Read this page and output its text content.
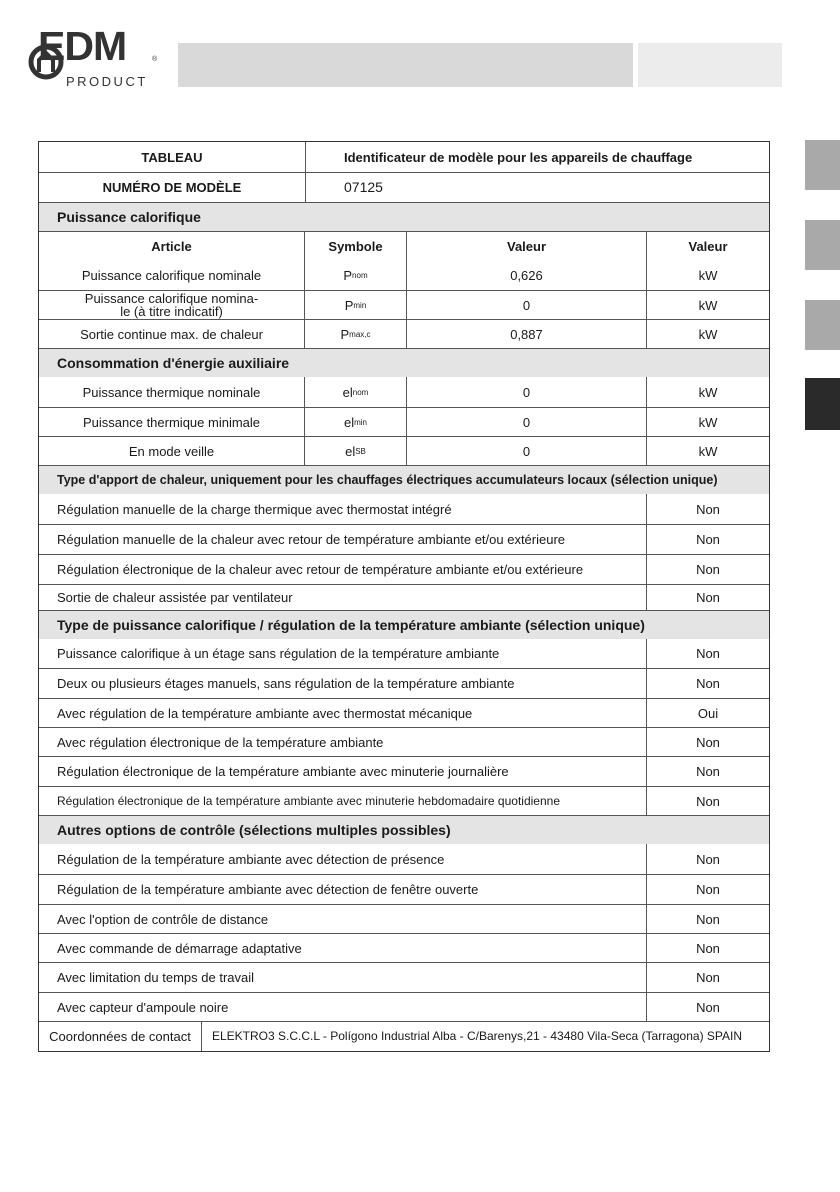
EDM	®
PRODUCT
TABLEAU	Identificateur de modèle pour les appareils de chauffage
NUMÉRO DE MODÈLE	07125
Puissance calorifique
Article	Symbole	Valeur	Valeur
Puissance calorifique nominale	P nom	0,626	kW
Puissance calorifique nomina-
le (à titre indicatif)	P min	0	kW
Sortie continue max. de chaleur	P max,c	0,887	kW
Consommation d'énergie auxiliaire
Puissance thermique nominale	el nom	0	kW
Puissance thermique minimale	el min	0	kW
En mode veille	el SB	0	kW
Type d'apport de chaleur, uniquement pour les chauffages électriques accumulateurs locaux (sélection unique)
Régulation manuelle de la charge thermique avec thermostat intégré	Non
Régulation manuelle de la chaleur avec retour de température ambiante et/ou extérieure	Non
Régulation électronique de la chaleur avec retour de température ambiante et/ou extérieure	Non
Sortie de chaleur assistée par ventilateur	Non
Type de puissance calorifique / régulation de la température ambiante (sélection unique)
Puissance calorifique à un étage sans régulation de la température ambiante	Non
Deux ou plusieurs étages manuels, sans régulation de la température ambiante	Non
Avec régulation de la température ambiante avec thermostat mécanique	Oui
Avec régulation électronique de la température ambiante	Non
Régulation électronique de la température ambiante avec minuterie journalière	Non
Régulation électronique de la température ambiante avec minuterie hebdomadaire quotidienne	Non
Autres options de contrôle (sélections multiples possibles)
Régulation de la température ambiante avec détection de présence	Non
Régulation de la température ambiante avec détection de fenêtre ouverte	Non
Avec l'option de contrôle de distance	Non
Avec commande de démarrage adaptative	Non
Avec limitation du temps de travail	Non
Avec capteur d'ampoule noire	Non
Coordonnées de contact	ELEKTRO3 S.C.C.L - Polígono Industrial Alba - C/Barenys,21 - 43480 Vila-Seca (Tarragona) SPAIN
